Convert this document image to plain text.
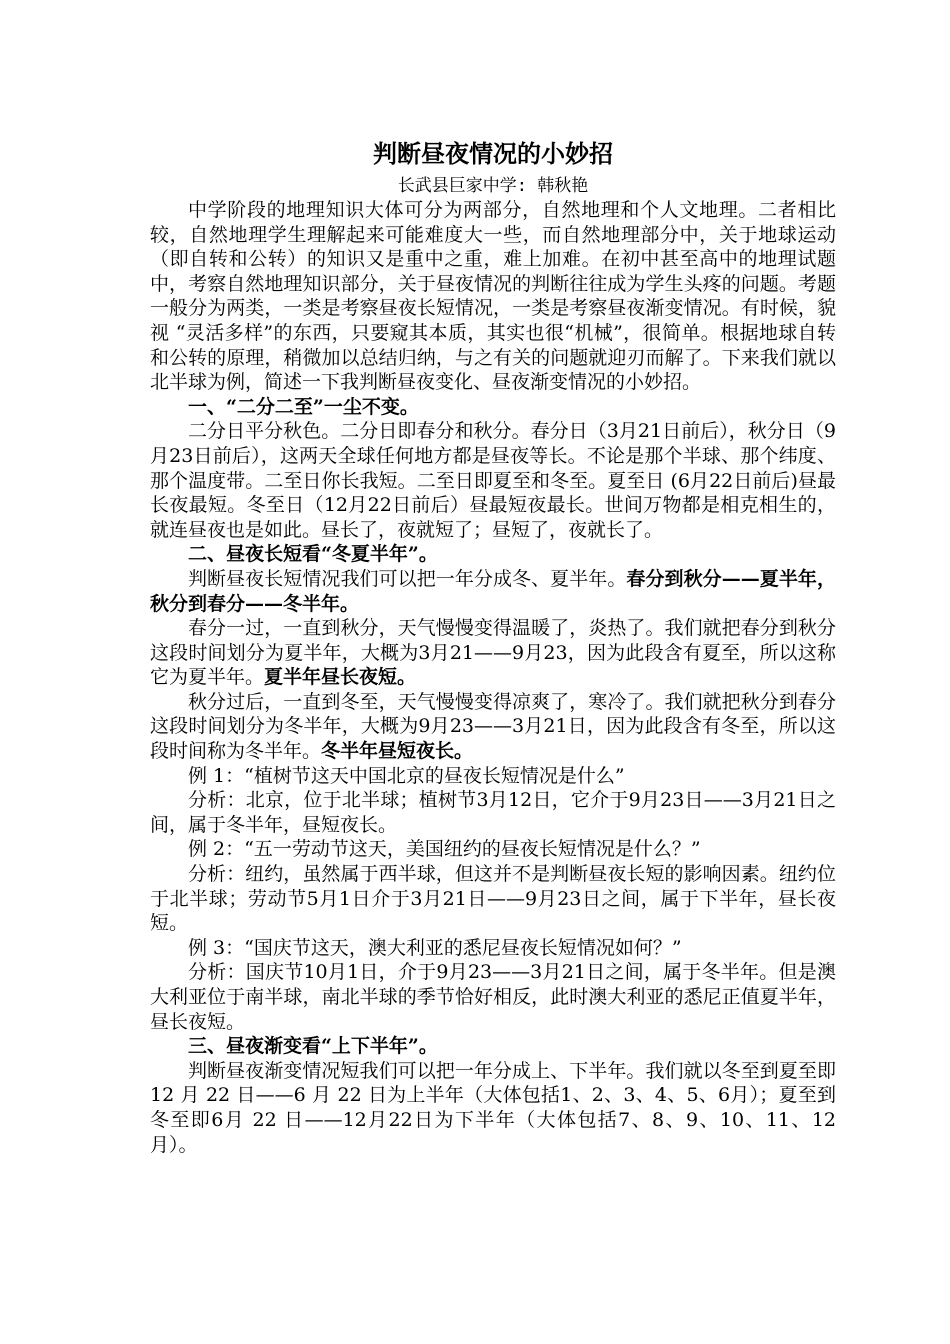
判断昼夜情况的小妙招
长武县巨家中学: 韩秋艳

中学阶段的地理知识大体可分为两部分，自然地理和个人文地理。二者相比较，自然地理学生理解起来可能难度大一些，而自然地理部分中，关于地球运动（即自转和公转）的知识又是重中之重，难上加难。在初中甚至高中的地理试题中，考察自然地理知识部分，关于昼夜情况的判断往往成为学生头疼的问题。考题一般分为两类，一类是考察昼夜长短情况，一类是考察昼夜渐变情况。有时候，貌视 “灵活多样”的东西，只要窥其本质，其实也很“机械”，很简单。根据地球自转和公转的原理，稍微加以总结归纳，与之有关的问题就迎刃而解了。下来我们就以北半球为例，简述一下我判断昼夜变化、昼夜渐变情况的小妙招。

一、“二分二至”一尘不变。

二分日平分秋色。二分日即春分和秋分。春分日（3月21日前后），秋分日（9月23日前后），这两天全球任何地方都是昼夜等长。不论是那个半球、那个纬度、那个温度带。二至日你长我短。二至日即夏至和冬至。夏至日 (6月22日前后)昼最长夜最短。冬至日（12月22日前后）昼最短夜最长。世间万物都是相克相生的，就连昼夜也是如此。昼长了，夜就短了；昼短了，夜就长了。

二、昼夜长短看“冬夏半年”。

判断昼夜长短情况我们可以把一年分成冬、夏半年。春分到秋分——夏半年，秋分到春分——冬半年。

春分一过，一直到秋分，天气慢慢变得温暖了，炎热了。我们就把春分到秋分这段时间划分为夏半年，大概为3月21——9月23，因为此段含有夏至，所以这称它为夏半年。夏半年昼长夜短。

秋分过后，一直到冬至，天气慢慢变得凉爽了，寒冷了。我们就把秋分到春分这段时间划分为冬半年，大概为9月23——3月21日，因为此段含有冬至，所以这段时间称为冬半年。冬半年昼短夜长。

例 1：“植树节这天中国北京的昼夜长短情况是什么”

分析：北京，位于北半球；植树节3月12日，它介于9月23日——3月21日之间，属于冬半年，昼短夜长。

例 2：“五一劳动节这天，美国纽约的昼夜长短情况是什么？”

分析：纽约，虽然属于西半球，但这并不是判断昼夜长短的影响因素。纽约位于北半球；劳动节5月1日介于3月21日——9月23日之间，属于下半年，昼长夜短。

例 3：“国庆节这天，澳大利亚的悉尼昼夜长短情况如何？”

分析：国庆节10月1日，介于9月23——3月21日之间，属于冬半年。但是澳大利亚位于南半球，南北半球的季节恰好相反，此时澳大利亚的悉尼正值夏半年，昼长夜短。

三、昼夜渐变看“上下半年”。

判断昼夜渐变情况短我们可以把一年分成上、下半年。我们就以冬至到夏至即 12 月 22 日——6 月 22 日为上半年（大体包括1、2、3、4、5、6月）；夏至到冬至即6月 22 日——12月22日为下半年（大体包括7、8、9、10、11、12月）。
